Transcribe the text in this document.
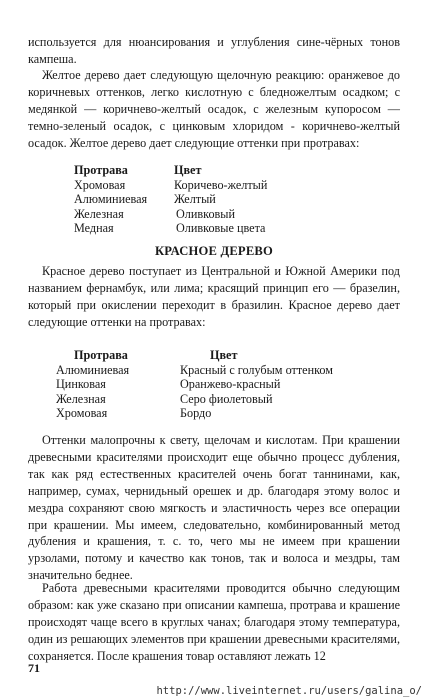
используется для нюансирования и углубления сине-чёрных тонов кампеша.

Желтое дерево дает следующую щелочную реакцию: оранжевое до коричневых оттенков, легко кислотную с бледножелтым осадком; с медянкой — коричнево-желтый осадок, с железным купоросом — темно-зеленый осадок, с цинковым хлоридом - коричнево-желтый осадок. Желтое дерево дает следующие оттенки при протравах:

Протрава	Цвет
Хромовая	Коричево-желтый
Алюминиевая Желтый
Железная	Оливковый
Медная	Оливковые цвета
КРАСНОЕ ДЕРЕВО

Красное дерево поступает из Центральной и Южной Америки под названием фернамбук, или лима; красящий принцип его — бразелин, который при окислении переходит в бразилин. Красное дерево дает следующие оттенки на протравах:

Протрава	Цвет
Алюминиевая	Красный с голубым оттенком
Цинковая	Оранжево-красный
Железная	Серо фиолетовый
Хромовая	Бордо

Оттенки малопрочны к свету, щелочам и кислотам. При крашении древесными красителями происходит еще обычно процесс дубления, так как ряд естественных красителей очень богат таннинами, как, например, сумах, чернидьный орешек и др. благодаря этому волос и мездра сохраняют свою мягкость и эластичность через все операции при крашении. Мы имеем, следовательно, комбинированный метод дубления и крашения, т. с. то, чего мы не имеем при крашении урзолами, потому и качество как тонов, так и волоса и мездры, там значительно беднее.

Работа древесными красителями проводится обычно следующим образом: как уже сказано при описании кампеша, протрава и крашение происходят чаще всего в круглых чанах; благодаря этому температура, один из решающих элементов при крашении древесными красителями, сохраняется. После крашения товар оставляют лежать 12

71
http://www.liveinternet.ru/users/galina_o/
